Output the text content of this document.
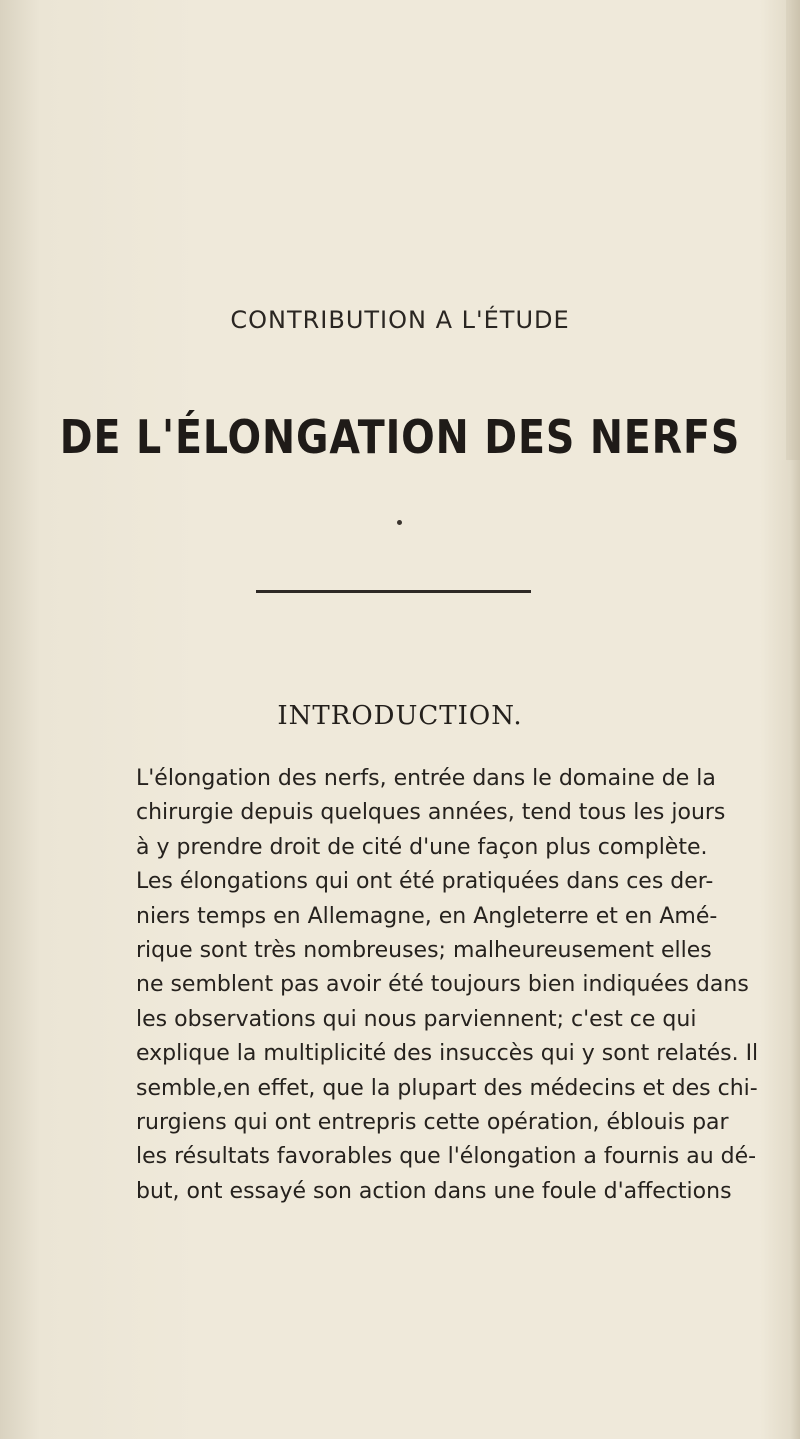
CONTRIBUTION A L'ÉTUDE
DE L'ÉLONGATION DES NERFS
INTRODUCTION.
L'élongation des nerfs, entrée dans le domaine de la
chirurgie depuis quelques années, tend tous les jours
à y prendre droit de cité d'une façon plus complète.
Les élongations qui ont été pratiquées dans ces der-
niers temps en Allemagne, en Angleterre et en Amé-
rique sont très nombreuses; malheureusement elles
ne semblent pas avoir été toujours bien indiquées dans
les observations qui nous parviennent; c'est ce qui
explique la multiplicité des insuccès qui y sont relatés. Il
semble,en effet, que la plupart des médecins et des chi-
rurgiens qui ont entrepris cette opération, éblouis par
les résultats favorables que l'élongation a fournis au dé-
but, ont essayé son action dans une foule d'affections
